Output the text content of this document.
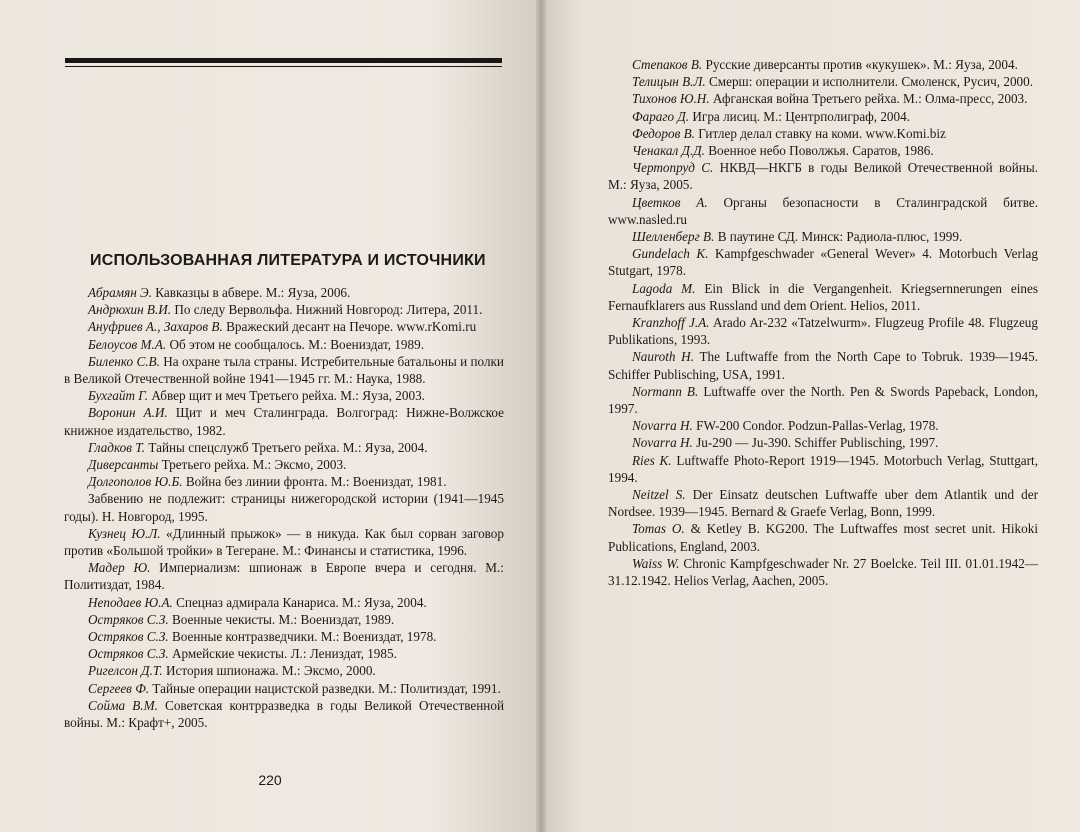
ИСПОЛЬЗОВАННАЯ ЛИТЕРАТУРА И ИСТОЧНИКИ

Абрамян Э. Кавказцы в абвере. М.: Яуза, 2006.

Андрюхин В.И. По следу Вервольфа. Нижний Новгород: Литера, 2011.

Ануфриев А., Захаров В. Вражеский десант на Печоре. www.rKomi.ru

Белоусов М.А. Об этом не сообщалось. М.: Воениздат, 1989.

Биленко С.В. На охране тыла страны. Истребительные батальоны и полки в Великой Отечественной войне 1941—1945 гг. М.: Наука, 1988.

Бухгайт Г. Абвер щит и меч Третьего рейха. М.: Яуза, 2003.

Воронин А.И. Щит и меч Сталинграда. Волгоград: Нижне-Волжское книжное издательство, 1982.

Гладков Т. Тайны спецслужб Третьего рейха. М.: Яуза, 2004.

Диверсанты Третьего рейха. М.: Эксмо, 2003.

Долгополов Ю.Б. Война без линии фронта. М.: Воениздат, 1981.

Забвению не подлежит: страницы нижегородской истории (1941—1945 годы). Н. Новгород, 1995.

Кузнец Ю.Л. «Длинный прыжок» — в никуда. Как был сорван заговор против «Большой тройки» в Тегеране. М.: Финансы и статистика, 1996.

Мадер Ю. Империализм: шпионаж в Европе вчера и сегодня. М.: Политиздат, 1984.

Неподаев Ю.А. Спецназ адмирала Канариса. М.: Яуза, 2004.

Остряков С.З. Военные чекисты. М.: Воениздат, 1989.

Остряков С.З. Военные контразведчики. М.: Воениздат, 1978.

Остряков С.З. Армейские чекисты. Л.: Лениздат, 1985.

Ригелсон Д.Т. История шпионажа. М.: Эксмо, 2000.

Сергеев Ф. Тайные операции нацистской разведки. М.: Политиздат, 1991.

Сойма В.М. Советская контрразведка в годы Великой Отечественной войны. М.: Крафт+, 2005.

220

Степаков В. Русские диверсанты против «кукушек». М.: Яуза, 2004.

Телицын В.Л. Смерш: операции и исполнители. Смоленск, Русич, 2000.

Тихонов Ю.Н. Афганская война Третьего рейха. М.: Олма-пресс, 2003.

Фараго Д. Игра лисиц. М.: Центрполиграф, 2004.

Федоров В. Гитлер делал ставку на коми. www.Komi.biz

Ченакал Д.Д. Военное небо Поволжья. Саратов, 1986.

Чертопруд С. НКВД—НКГБ в годы Великой Отечественной войны. М.: Яуза, 2005.

Цветков А. Органы безопасности в Сталинградской битве. www.nasled.ru

Шелленберг В. В паутине СД. Минск: Радиола-плюс, 1999.

Gundelach K. Kampfgeschwader «General Wever» 4. Motorbuch Verlag Stutgart, 1978.

Lagoda M. Ein Blick in die Vergangenheit. Kriegsernnerungen eines Fernaufklarers aus Russland und dem Orient. Helios, 2011.

Kranzhoff J.A. Arado Ar-232 «Tatzelwurm». Flugzeug Profile 48. Flugzeug Publikations, 1993.

Nauroth H. The Luftwaffe from the North Cape to Tobruk. 1939—1945. Schiffer Publisching, USA, 1991.

Normann B. Luftwaffe over the North. Pen & Swords Papeback, London, 1997.

Novarra H. FW-200 Condor. Podzun-Pallas-Verlag, 1978.

Novarra H. Ju-290 — Ju-390. Schiffer Publisching, 1997.

Ries K. Luftwaffe Photo-Report 1919—1945. Motorbuch Verlag, Stuttgart, 1994.

Neitzel S. Der Einsatz deutschen Luftwaffe uber dem Atlantik und der Nordsee. 1939—1945. Bernard & Graefe Verlag, Bonn, 1999.

Tomas O. & Ketley B. KG200. The Luftwaffes most secret unit. Hikoki Publications, England, 2003.

Waiss W. Chronic Kampfgeschwader Nr. 27 Boelcke. Teil III. 01.01.1942—31.12.1942. Helios Verlag, Aachen, 2005.
